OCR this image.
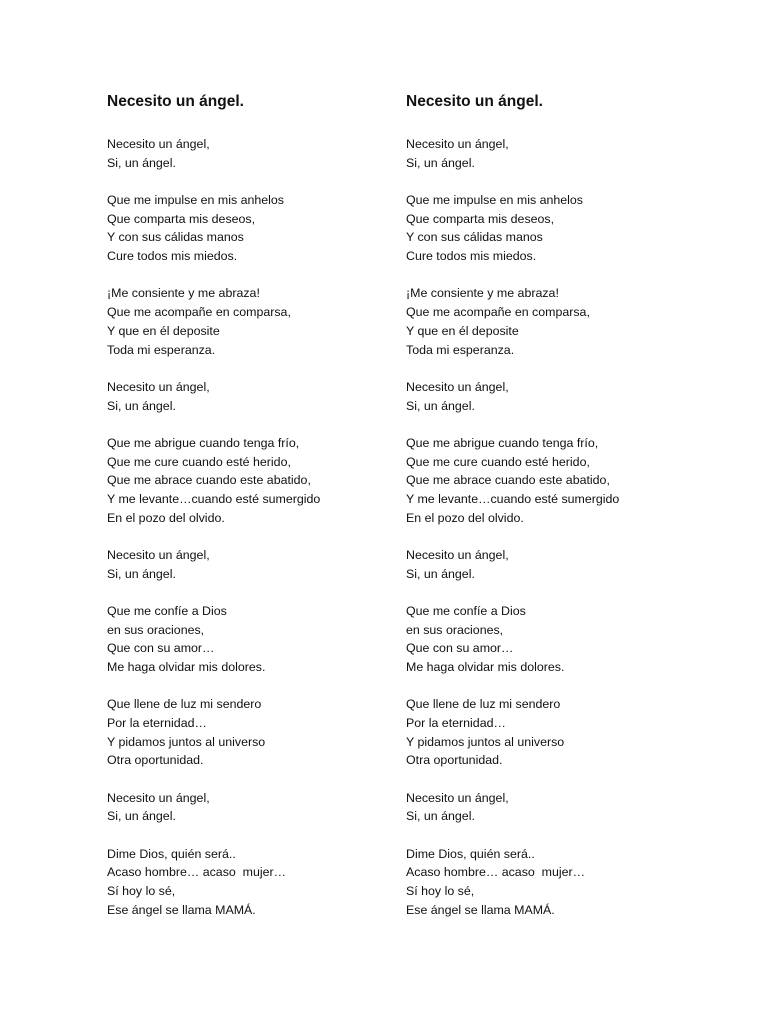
Necesito un ángel.
Necesito un ángel,
Si, un ángel.
Que me impulse en mis anhelos
Que comparta mis deseos,
Y con sus cálidas manos
Cure todos mis miedos.
¡Me consiente y me abraza!
Que me acompañe en comparsa,
Y que en él deposite
Toda mi esperanza.
Necesito un ángel,
Si, un ángel.
Que me abrigue cuando tenga frío,
Que me cure cuando esté herido,
Que me abrace cuando este abatido,
Y me levante…cuando esté sumergido
En el pozo del olvido.
Necesito un ángel,
Si, un ángel.
Que me confíe a Dios
en sus oraciones,
Que con su amor…
Me haga olvidar mis dolores.
Que llene de luz mi sendero
Por la eternidad…
Y pidamos juntos al universo
Otra oportunidad.
Necesito un ángel,
Si, un ángel.
Dime Dios, quién será..
Acaso hombre… acaso  mujer…
Sí hoy lo sé,
Ese ángel se llama MAMÁ.
Necesito un ángel.
Necesito un ángel,
Si, un ángel.
Que me impulse en mis anhelos
Que comparta mis deseos,
Y con sus cálidas manos
Cure todos mis miedos.
¡Me consiente y me abraza!
Que me acompañe en comparsa,
Y que en él deposite
Toda mi esperanza.
Necesito un ángel,
Si, un ángel.
Que me abrigue cuando tenga frío,
Que me cure cuando esté herido,
Que me abrace cuando este abatido,
Y me levante…cuando esté sumergido
En el pozo del olvido.
Necesito un ángel,
Si, un ángel.
Que me confíe a Dios
en sus oraciones,
Que con su amor…
Me haga olvidar mis dolores.
Que llene de luz mi sendero
Por la eternidad…
Y pidamos juntos al universo
Otra oportunidad.
Necesito un ángel,
Si, un ángel.
Dime Dios, quién será..
Acaso hombre… acaso  mujer…
Sí hoy lo sé,
Ese ángel se llama MAMÁ.
